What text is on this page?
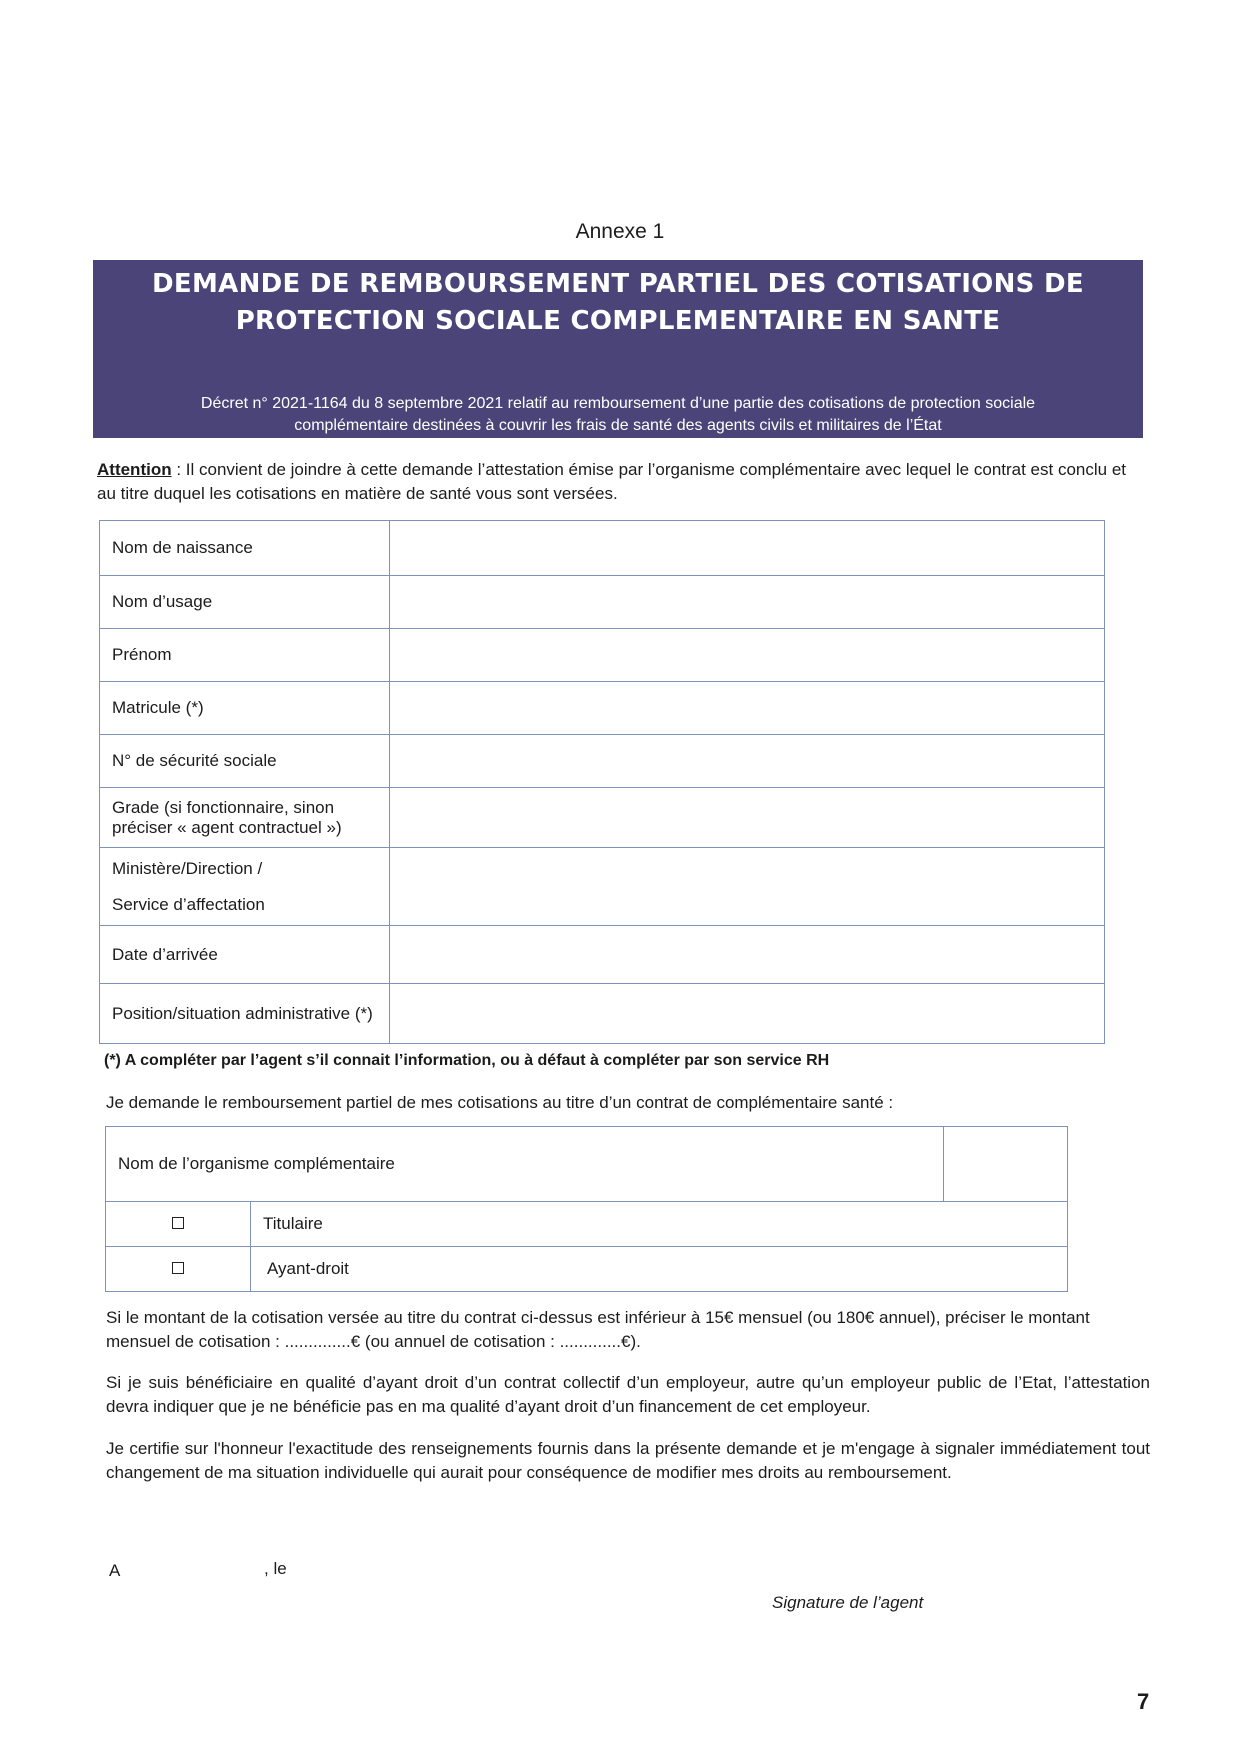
Annexe 1
DEMANDE DE REMBOURSEMENT PARTIEL DES COTISATIONS DE
PROTECTION SOCIALE COMPLEMENTAIRE EN SANTE
Décret n° 2021-1164 du 8 septembre 2021 relatif au remboursement d’une partie des cotisations de protection sociale
complémentaire destinées à couvrir les frais de santé des agents civils et militaires de l’État
Attention : Il convient de joindre à cette demande l’attestation émise par l’organisme complémentaire avec lequel le contrat est conclu et au titre duquel les cotisations en matière de santé vous sont versées.
Nom de naissance	
Nom d’usage	
Prénom	
Matricule (*)	
N° de sécurité sociale	
Grade (si fonctionnaire, sinon préciser « agent contractuel »)	

Ministère/Direction /
Service d’affectation	

Date d’arrivée	
Position/situation administrative (*)	
(*) A compléter par l’agent s’il connait l’information, ou à défaut à compléter par son service RH
Je demande le remboursement partiel de mes cotisations au titre d’un contrat de complémentaire santé :
Nom de l’organisme complémentaire		
	Titulaire	
	Ayant-droit	
Si le montant de la cotisation versée au titre du contrat ci-dessus est inférieur à 15€ mensuel (ou 180€ annuel), préciser le montant mensuel de cotisation : ..............€ (ou annuel de cotisation : .............€).
Si je suis bénéficiaire en qualité d’ayant droit d’un contrat collectif d’un employeur, autre qu’un employeur public de l’Etat, l’attestation devra indiquer que je ne bénéficie pas en ma qualité d’ayant droit d’un financement de cet employeur.
Je certifie sur l'honneur l'exactitude des renseignements fournis dans la présente demande et je m'engage à signaler immédiatement tout changement de ma situation individuelle qui aurait pour conséquence de modifier mes droits au remboursement.
A	, le
Signature de l’agent
7
